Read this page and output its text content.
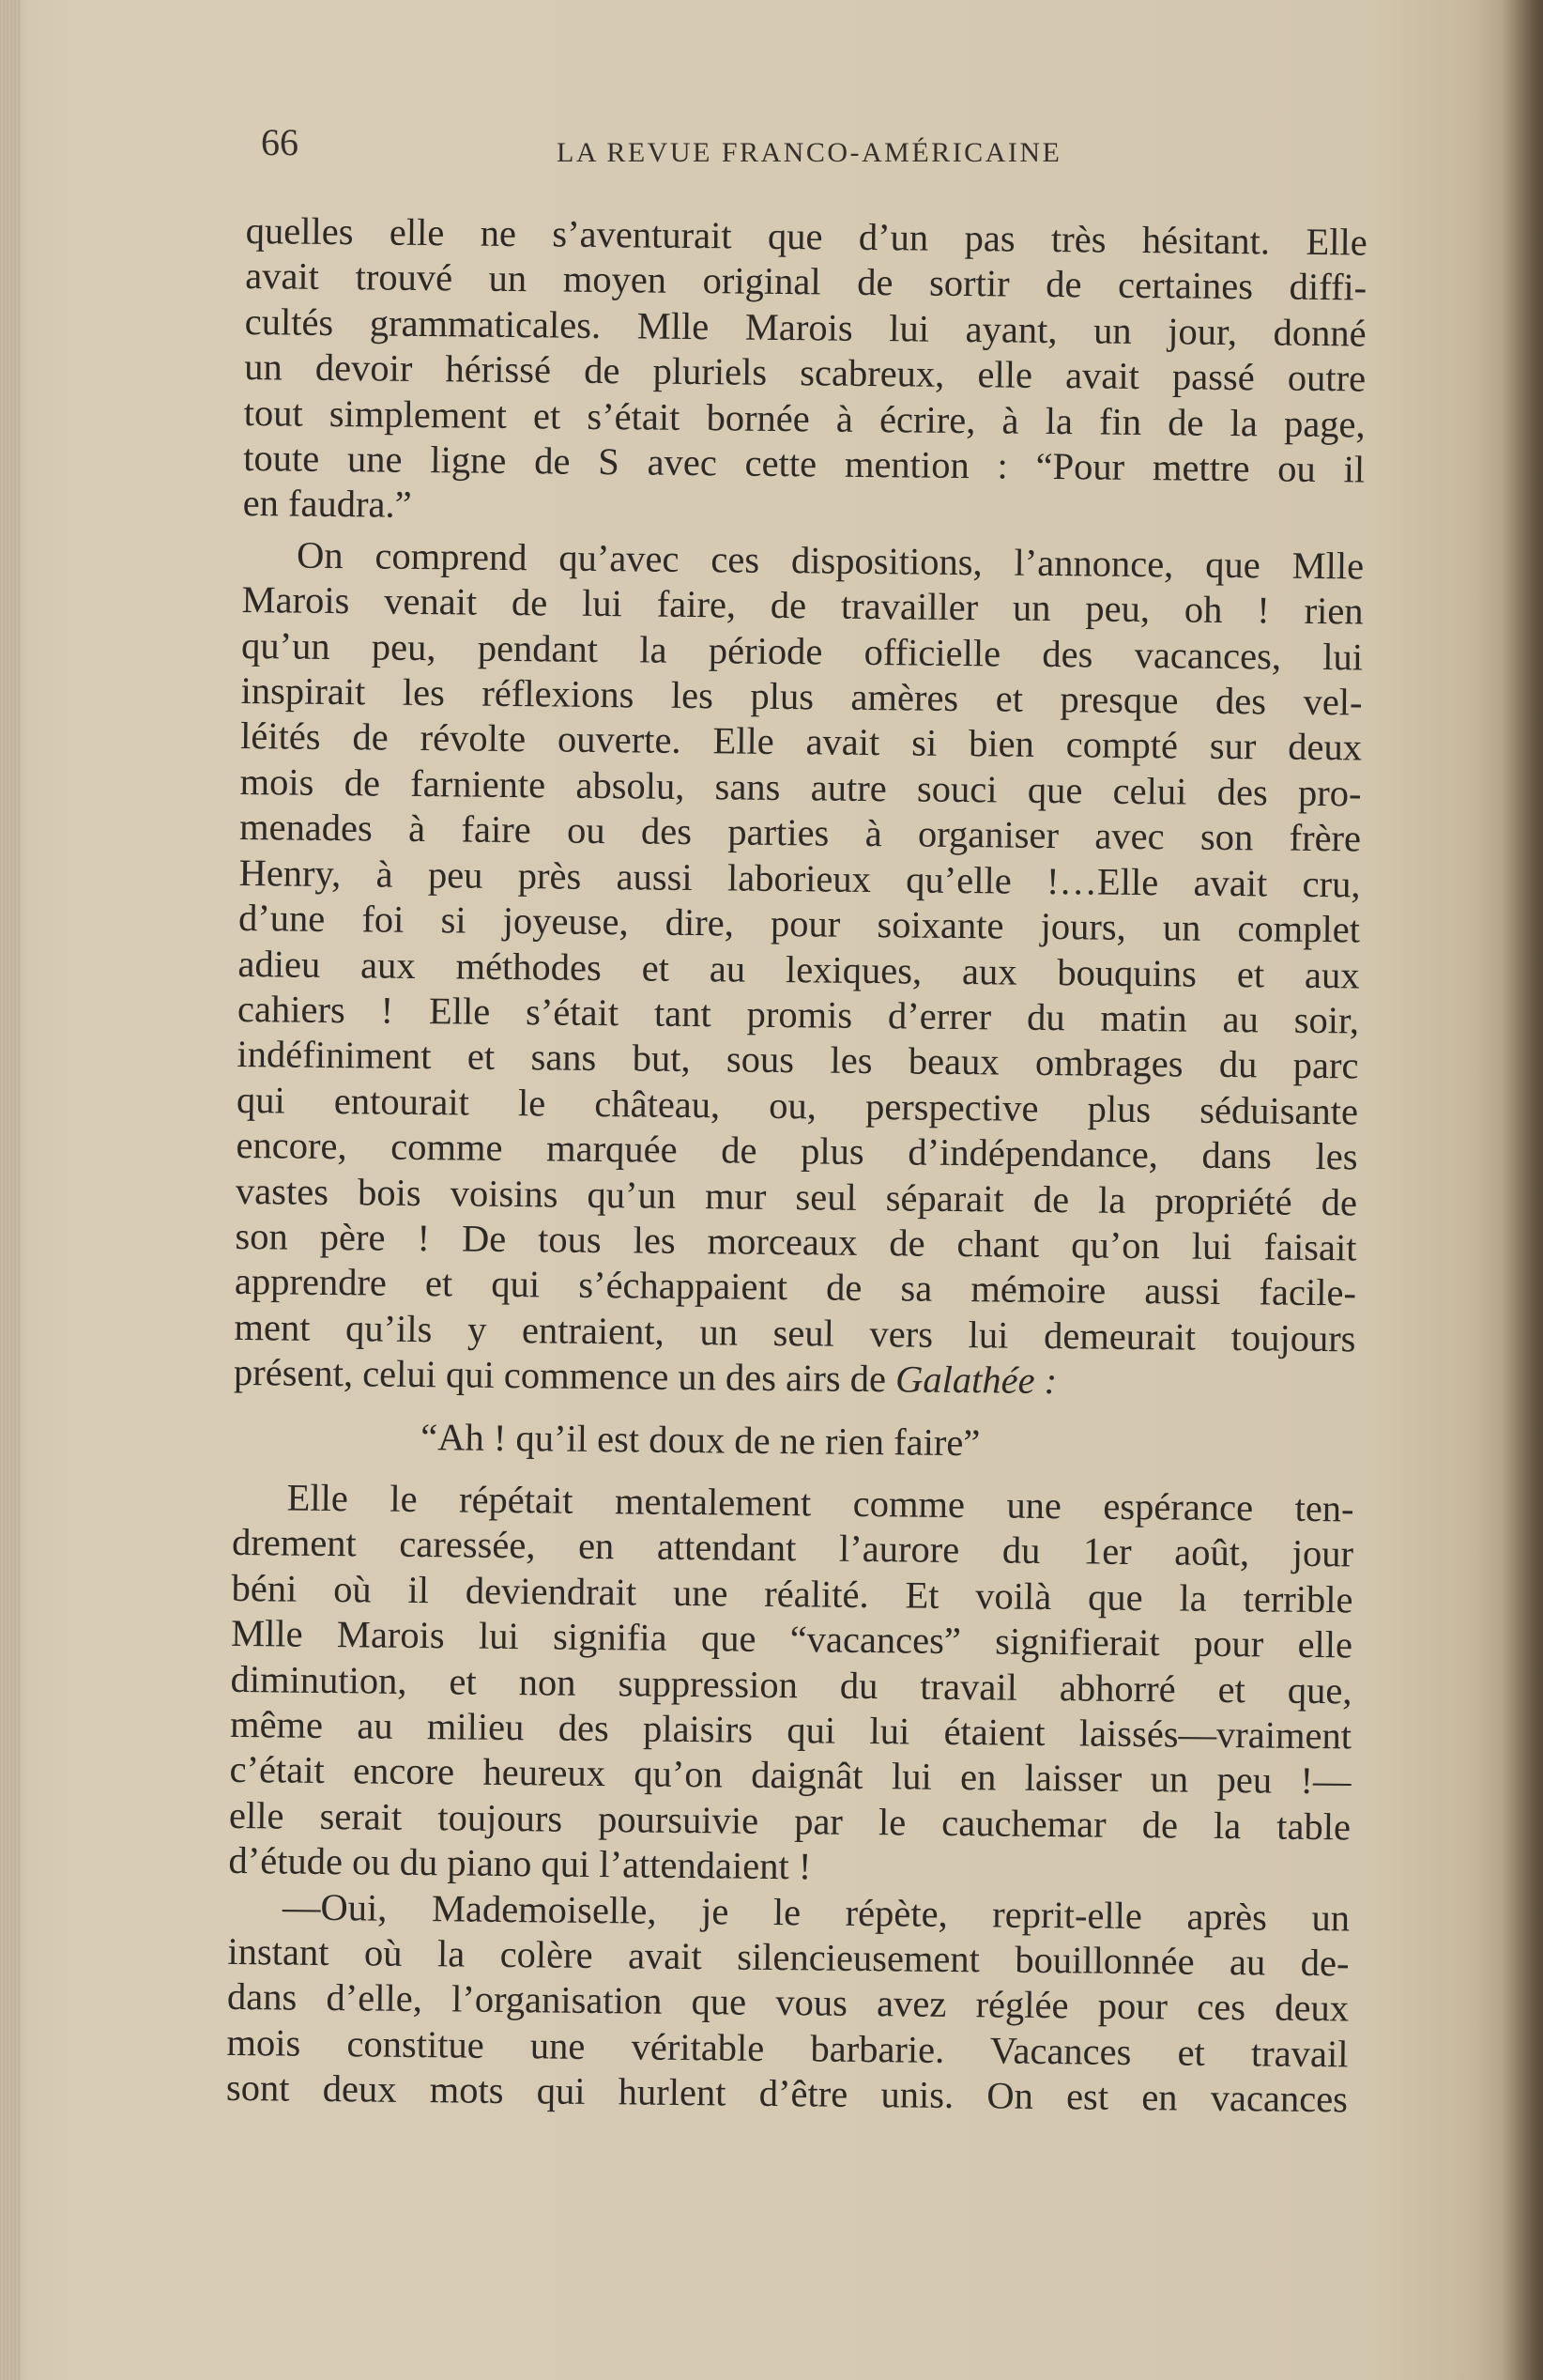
66	LA REVUE FRANCO-AMÉRICAINE
quelles elle ne s’aventurait que d’un pas très hésitant. Elle
avait trouvé un moyen original de sortir de certaines diffi-
cultés grammaticales. Mlle Marois lui ayant, un jour, donné
un devoir hérissé de pluriels scabreux, elle avait passé outre
tout simplement et s’était bornée à écrire, à la fin de la page,
toute une ligne de S avec cette mention : “Pour mettre ou il
en faudra.”
On comprend qu’avec ces dispositions, l’annonce, que Mlle
Marois venait de lui faire, de travailler un peu, oh ! rien
qu’un peu, pendant la période officielle des vacances, lui
inspirait les réflexions les plus amères et presque des vel-
léités de révolte ouverte. Elle avait si bien compté sur deux
mois de farniente absolu, sans autre souci que celui des pro-
menades à faire ou des parties à organiser avec son frère
Henry, à peu près aussi laborieux qu’elle !…Elle avait cru,
d’une foi si joyeuse, dire, pour soixante jours, un complet
adieu aux méthodes et au lexiques, aux bouquins et aux
cahiers ! Elle s’était tant promis d’errer du matin au soir,
indéfiniment et sans but, sous les beaux ombrages du parc
qui entourait le château, ou, perspective plus séduisante
encore, comme marquée de plus d’indépendance, dans les
vastes bois voisins qu’un mur seul séparait de la propriété de
son père ! De tous les morceaux de chant qu’on lui faisait
apprendre et qui s’échappaient de sa mémoire aussi facile-
ment qu’ils y entraient, un seul vers lui demeurait toujours
présent, celui qui commence un des airs de Galathée :
“Ah ! qu’il est doux de ne rien faire”
Elle le répétait mentalement comme une espérance ten-
drement caressée, en attendant l’aurore du 1er août, jour
béni où il deviendrait une réalité. Et voilà que la terrible
Mlle Marois lui signifia que “vacances” signifierait pour elle
diminution, et non suppression du travail abhorré et que,
même au milieu des plaisirs qui lui étaient laissés—vraiment
c’était encore heureux qu’on daignât lui en laisser un peu !—
elle serait toujours poursuivie par le cauchemar de la table
d’étude ou du piano qui l’attendaient !
—Oui, Mademoiselle, je le répète, reprit-elle après un
instant où la colère avait silencieusement bouillonnée au de-
dans d’elle, l’organisation que vous avez réglée pour ces deux
mois constitue une véritable barbarie. Vacances et travail
sont deux mots qui hurlent d’être unis. On est en vacances
